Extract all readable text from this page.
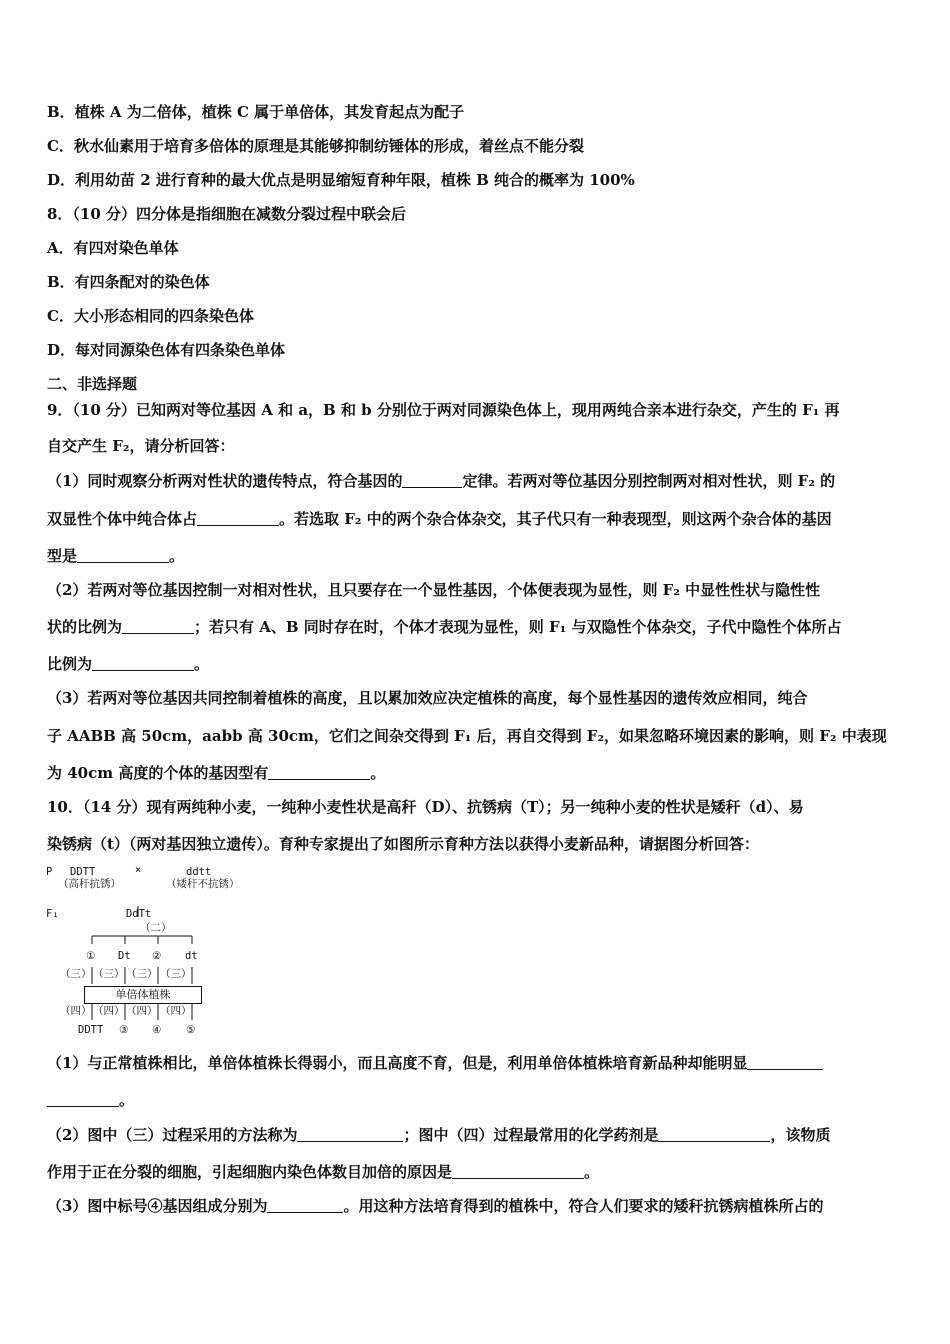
B．植株 A 为二倍体，植株 C 属于单倍体，其发育起点为配子
C．秋水仙素用于培育多倍体的原理是其能够抑制纺锤体的形成，着丝点不能分裂
D．利用幼苗 2 进行育种的最大优点是明显缩短育种年限，植株 B 纯合的概率为 100%
8．（10 分）四分体是指细胞在减数分裂过程中联会后
A．有四对染色单体
B．有四条配对的染色体
C．大小形态相同的四条染色体
D．每对同源染色体有四条染色单体
二、非选择题
9．（10 分）已知两对等位基因 A 和 a，B 和 b 分别位于两对同源染色体上，现用两纯合亲本进行杂交，产生的 F₁ 再
自交产生 F₂，请分析回答：
（1）同时观察分析两对性状的遗传特点，符合基因的	定律。若两对等位基因分别控制两对相对性状，则 F₂ 的
双显性个体中纯合体占	。若选取 F₂ 中的两个杂合体杂交，其子代只有一种表现型，则这两个杂合体的基因
型是	。
（2）若两对等位基因控制一对相对性状，且只要存在一个显性基因，个体便表现为显性，则 F₂ 中显性性状与隐性性
状的比例为	；若只有 A、B 同时存在时，个体才表现为显性，则 F₁ 与双隐性个体杂交，子代中隐性个体所占
比例为	。
（3）若两对等位基因共同控制着植株的高度，且以累加效应决定植株的高度，每个显性基因的遗传效应相同，纯合
子 AABB 高 50cm，aabb 高 30cm，它们之间杂交得到 F₁ 后，再自交得到 F₂，如果忽略环境因素的影响，则 F₂ 中表现
为 40cm 高度的个体的基因型有	。
10．（14 分）现有两纯种小麦，一纯种小麦性状是高秆（D）、抗锈病（T）；另一纯种小麦的性状是矮秆（d）、易
染锈病（t）（两对基因独立遗传）。育种专家提出了如图所示育种方法以获得小麦新品种，请据图分析回答：
P DDTT
（高秆抗锈）
×	ddtt
（矮秆不抗锈）
F₁	DdTt
（二）
① Dt ② dt
（三） （三） （三） （三）
单倍体植株
（四） （四） （四） （四）
DDTT ③ ④ ⑤
（1）与正常植株相比，单倍体植株长得弱小，而且高度不育，但是，利用单倍体植株培育新品种却能明显
。
（2）图中（三）过程采用的方法称为	；图中（四）过程最常用的化学药剂是	，该物质
作用于正在分裂的细胞，引起细胞内染色体数目加倍的原因是	。
（3）图中标号④基因组成分别为	。用这种方法培育得到的植株中，符合人们要求的矮秆抗锈病植株所占的
